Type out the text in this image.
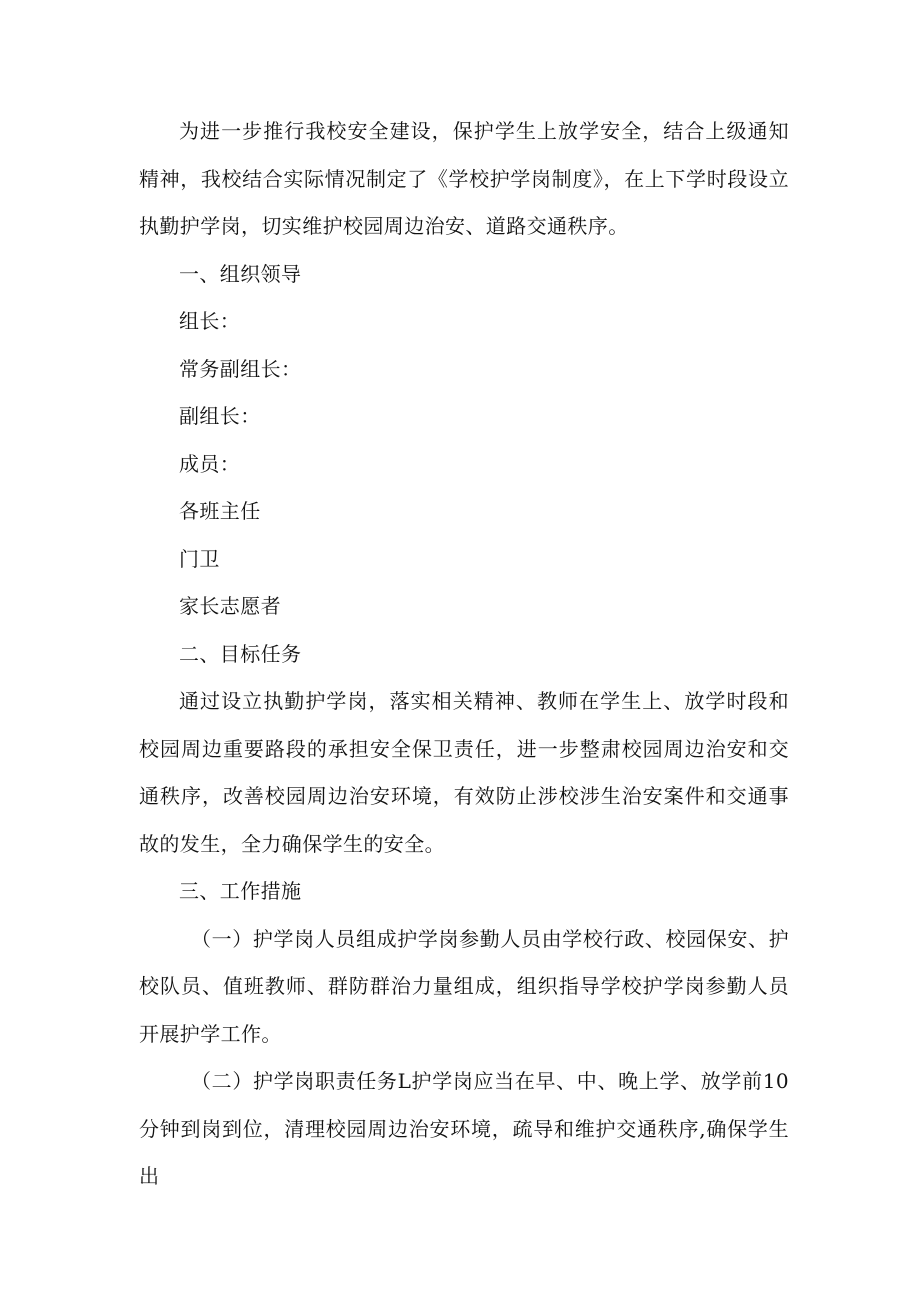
为进一步推行我校安全建设，保护学生上放学安全，结合上级通知精神，我校结合实际情况制定了《学校护学岗制度》，在上下学时段设立执勤护学岗，切实维护校园周边治安、道路交通秩序。

一、组织领导

组长：

常务副组长：

副组长：

成员：

各班主任

门卫

家长志愿者

二、目标任务

通过设立执勤护学岗，落实相关精神、教师在学生上、放学时段和校园周边重要路段的承担安全保卫责任，进一步整肃校园周边治安和交通秩序，改善校园周边治安环境，有效防止涉校涉生治安案件和交通事故的发生，全力确保学生的安全。

三、工作措施

（一）护学岗人员组成护学岗参勤人员由学校行政、校园保安、护校队员、值班教师、群防群治力量组成，组织指导学校护学岗参勤人员开展护学工作。

（二）护学岗职责任务L护学岗应当在早、中、晚上学、放学前10分钟到岗到位，清理校园周边治安环境，疏导和维护交通秩序,确保学生出
